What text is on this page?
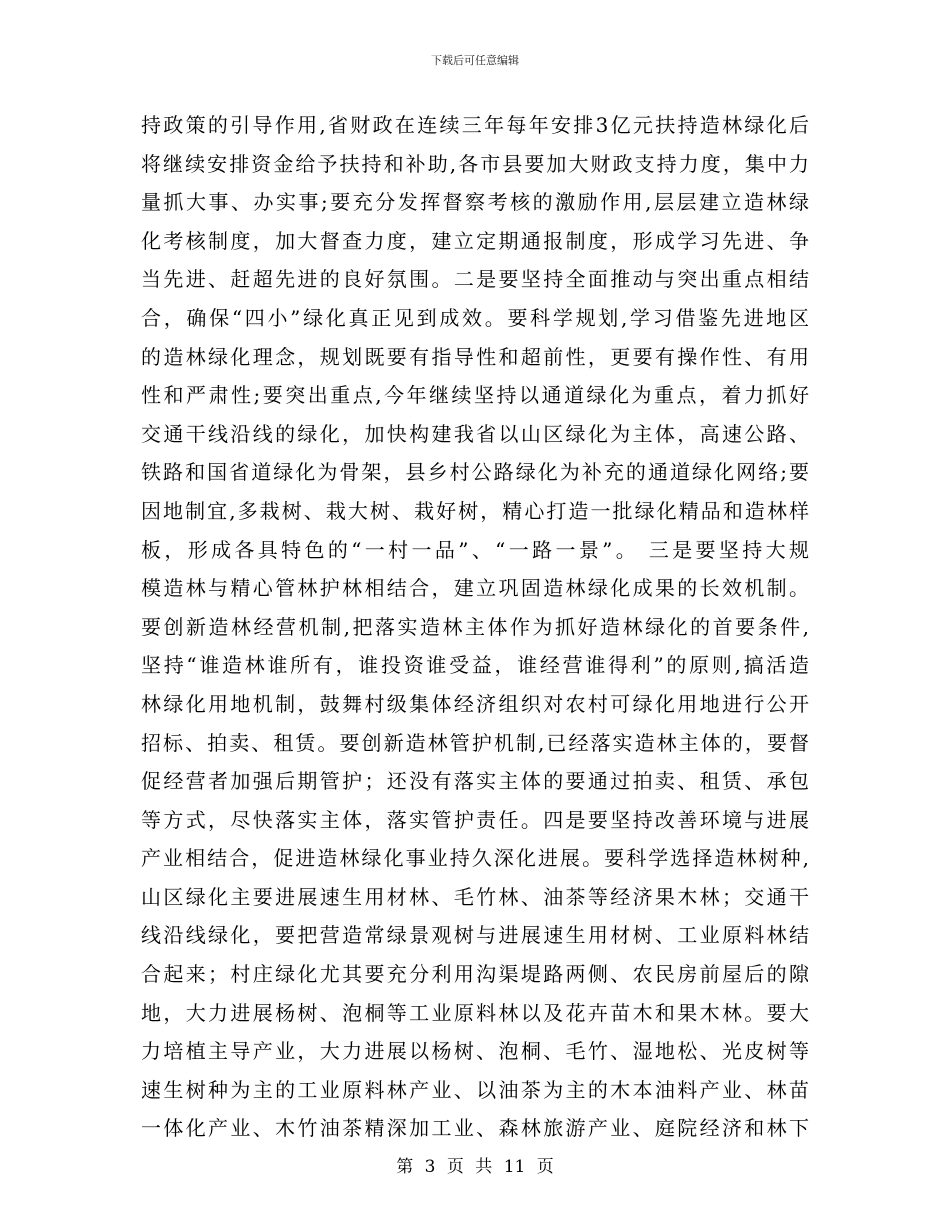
下载后可任意编辑
持政策的引导作用,省财政在连续三年每年安排3亿元扶持造林绿化后
将继续安排资金给予扶持和补助,各市县要加大财政支持力度，集中力
量抓大事、办实事;要充分发挥督察考核的激励作用,层层建立造林绿
化考核制度，加大督查力度，建立定期通报制度，形成学习先进、争
当先进、赶超先进的良好氛围。二是要坚持全面推动与突出重点相结
合，确保“四小”绿化真正见到成效。要科学规划,学习借鉴先进地区
的造林绿化理念，规划既要有指导性和超前性，更要有操作性、有用
性和严肃性;要突出重点,今年继续坚持以通道绿化为重点，着力抓好
交通干线沿线的绿化，加快构建我省以山区绿化为主体，高速公路、
铁路和国省道绿化为骨架，县乡村公路绿化为补充的通道绿化网络;要
因地制宜,多栽树、栽大树、栽好树，精心打造一批绿化精品和造林样
板，形成各具特色的“一村一品”、“一路一景”。 三是要坚持大规
模造林与精心管林护林相结合，建立巩固造林绿化成果的长效机制。
要创新造林经营机制,把落实造林主体作为抓好造林绿化的首要条件,
坚持“谁造林谁所有，谁投资谁受益，谁经营谁得利”的原则,搞活造
林绿化用地机制，鼓舞村级集体经济组织对农村可绿化用地进行公开
招标、拍卖、租赁。要创新造林管护机制,已经落实造林主体的，要督
促经营者加强后期管护；还没有落实主体的要通过拍卖、租赁、承包
等方式，尽快落实主体，落实管护责任。四是要坚持改善环境与进展
产业相结合，促进造林绿化事业持久深化进展。要科学选择造林树种,
山区绿化主要进展速生用材林、毛竹林、油茶等经济果木林；交通干
线沿线绿化，要把营造常绿景观树与进展速生用材树、工业原料林结
合起来；村庄绿化尤其要充分利用沟渠堤路两侧、农民房前屋后的隙
地，大力进展杨树、泡桐等工业原料林以及花卉苗木和果木林。要大
力培植主导产业，大力进展以杨树、泡桐、毛竹、湿地松、光皮树等
速生树种为主的工业原料林产业、以油茶为主的木本油料产业、林苗
一体化产业、木竹油茶精深加工业、森林旅游产业、庭院经济和林下
第 3 页 共 11 页
